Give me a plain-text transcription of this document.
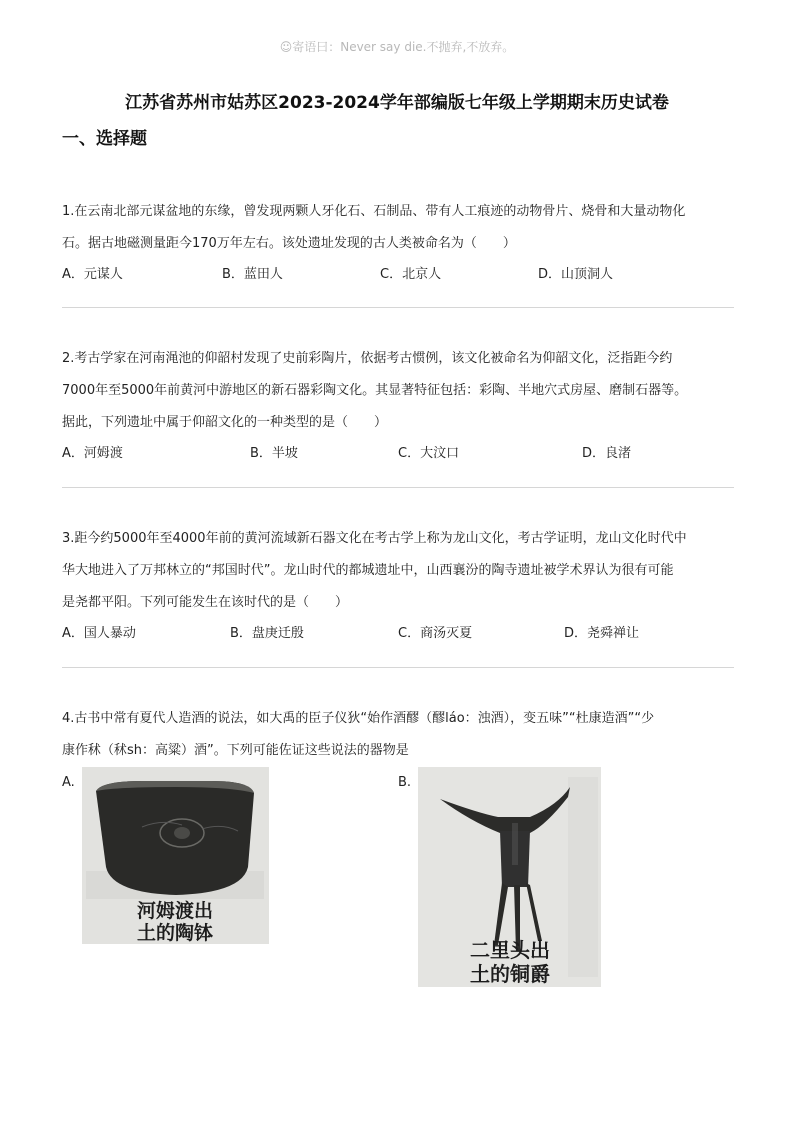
☺寄语曰：Never say die.不抛弃,不放弃。
江苏省苏州市姑苏区2023-2024学年部编版七年级上学期期末历史试卷
一、选择题
1.在云南北部元谋盆地的东缘，曾发现两颗人牙化石、石制品、带有人工痕迹的动物骨片、烧骨和大量动物化
石。据古地磁测量距今170万年左右。该处遗址发现的古人类被命名为（　　）
A．元谋人	B．蓝田人	C．北京人	D．山顶洞人
2.考古学家在河南渑池的仰韶村发现了史前彩陶片，依据考古惯例，该文化被命名为仰韶文化，泛指距今约
7000年至5000年前黄河中游地区的新石器彩陶文化。其显著特征包括：彩陶、半地穴式房屋、磨制石器等。
据此，下列遗址中属于仰韶文化的一种类型的是（　　）
A．河姆渡	B．半坡	C．大汶口	D．良渚
3.距今约5000年至4000年前的黄河流域新石器文化在考古学上称为龙山文化，考古学证明，龙山文化时代中
华大地进入了万邦林立的“邦国时代”。龙山时代的都城遗址中，山西襄汾的陶寺遗址被学术界认为很有可能
是尧都平阳。下列可能发生在该时代的是（　　）
A．国人暴动	B．盘庚迁殷	C．商汤灭夏	D．尧舜禅让
4.古书中常有夏代人造酒的说法，如大禹的臣子仪狄“始作酒醪（醪láo：浊酒），变五味”“杜康造酒”“少
康作秫（秫sh：高粱）酒”。下列可能佐证这些说法的器物是
A.
河姆渡出
土的陶钵
B.
二里头出
土的铜爵
